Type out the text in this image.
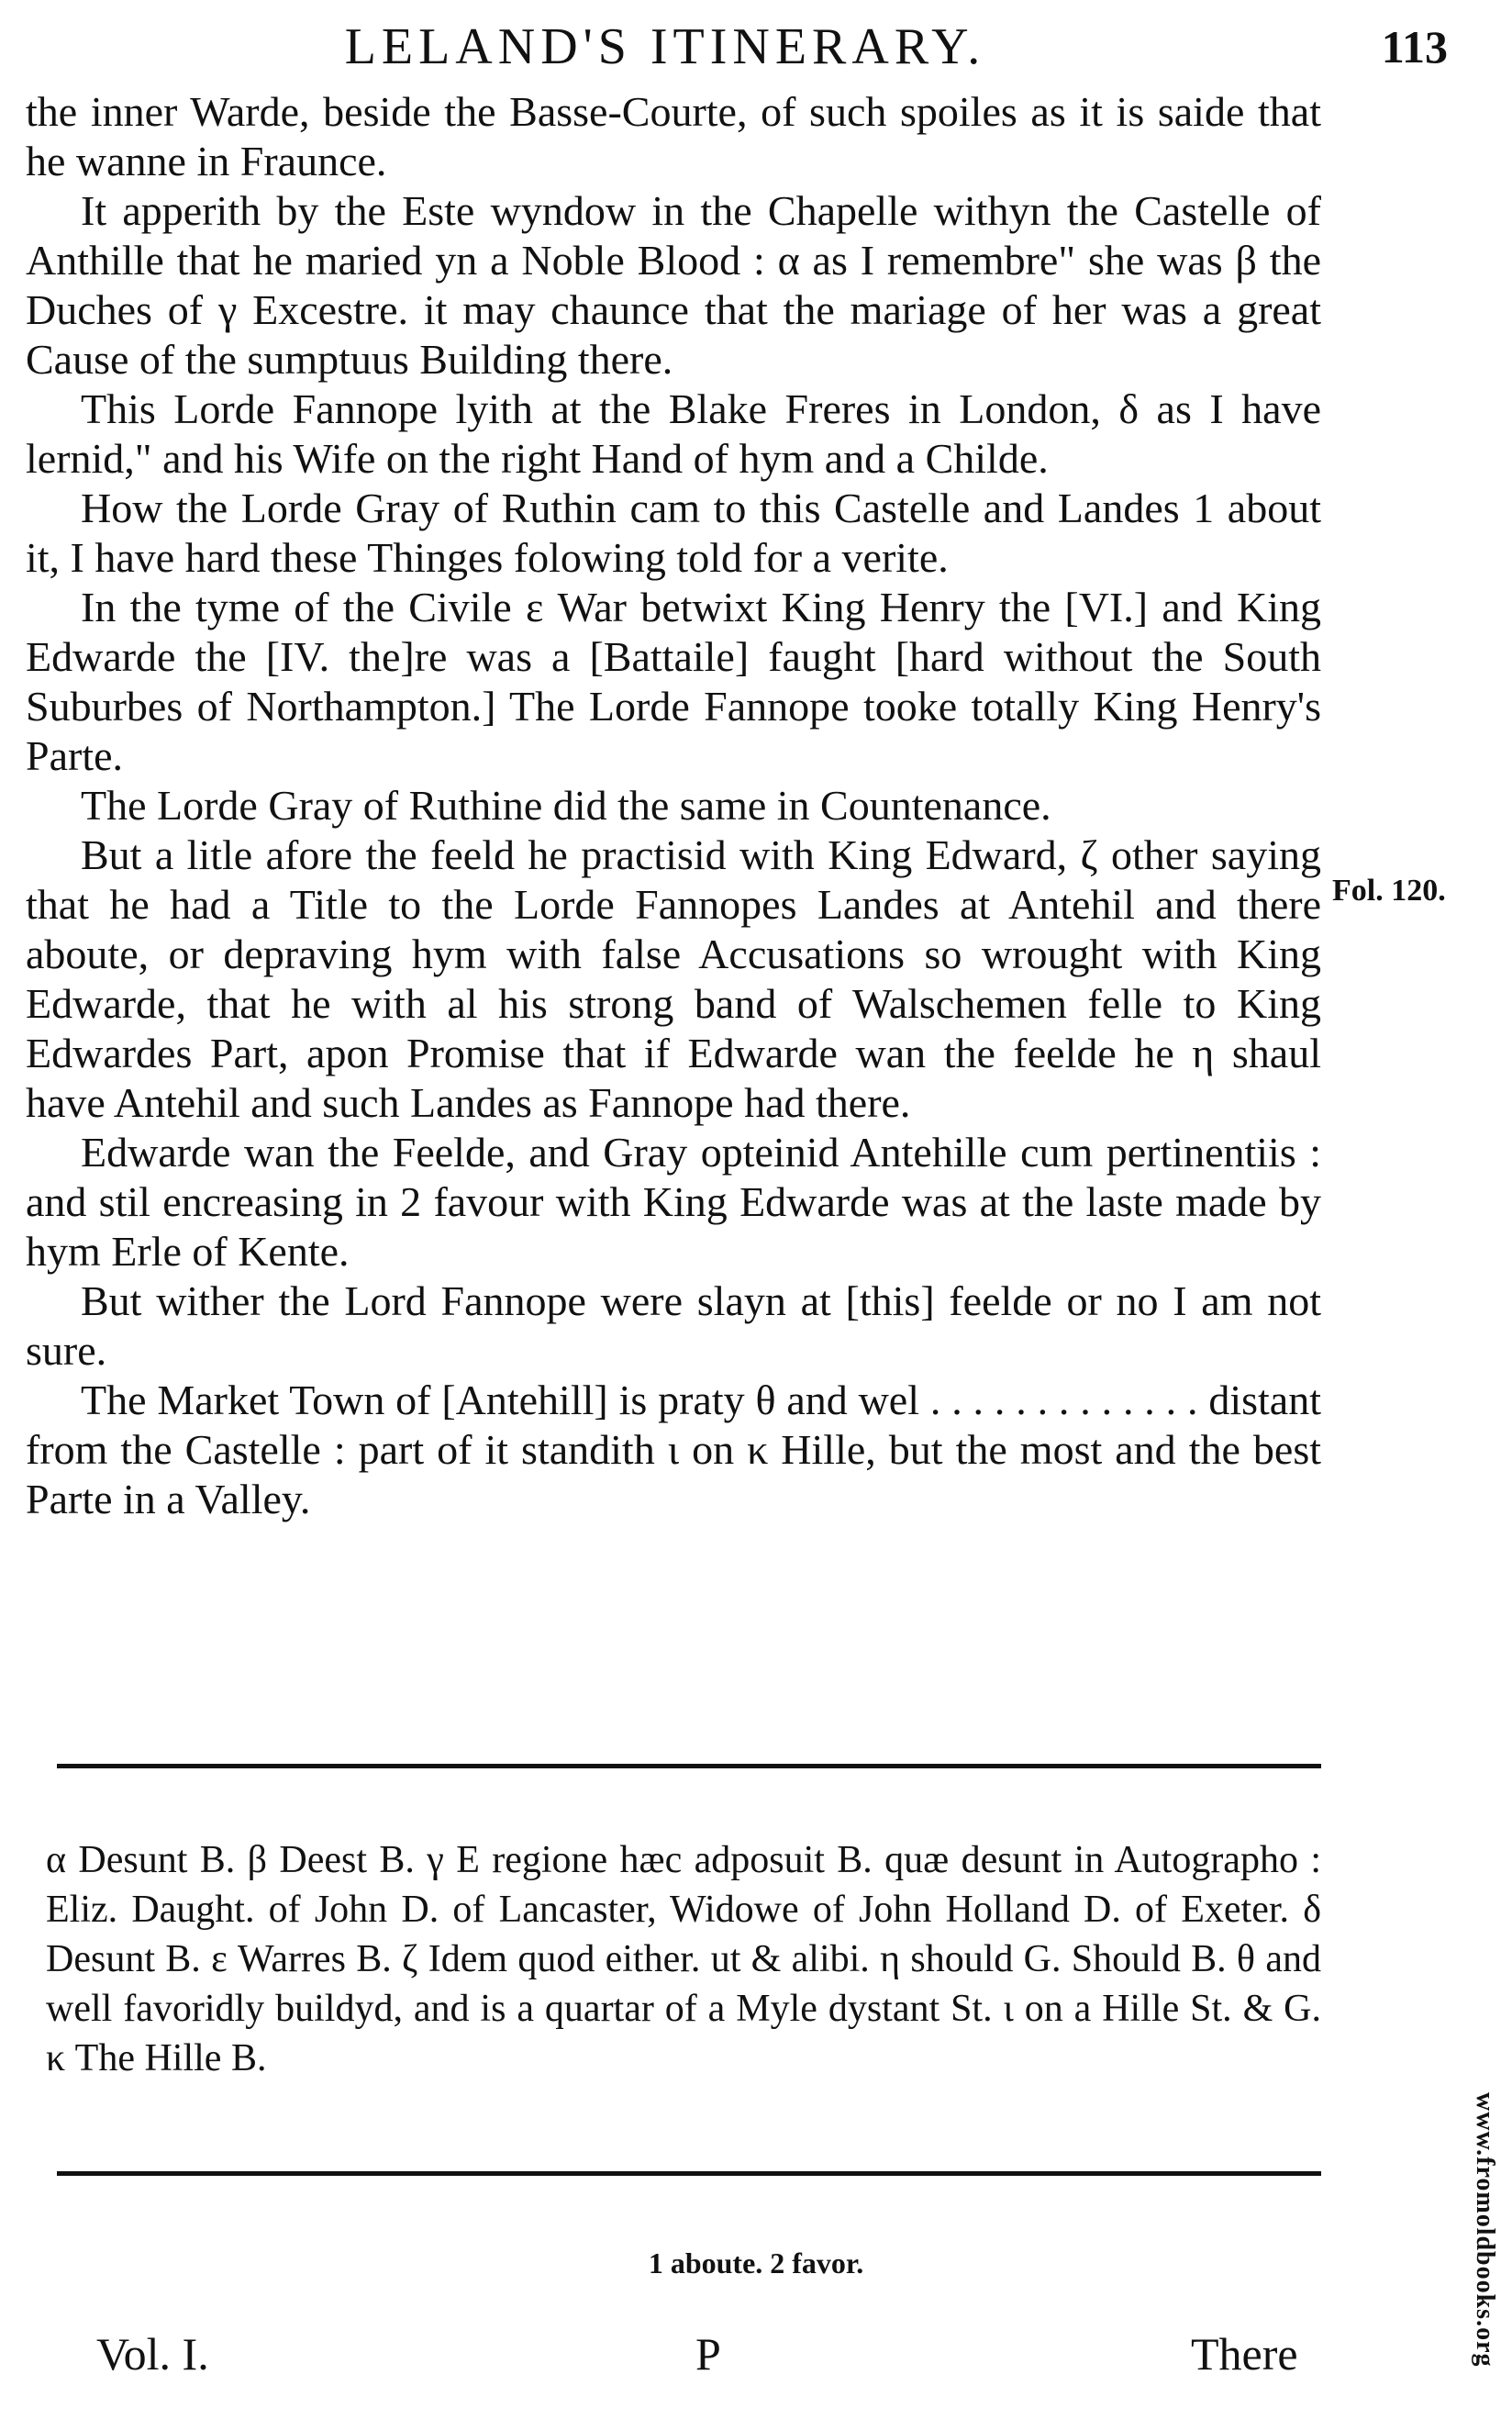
LELAND'S ITINERARY.	113

the inner Warde, beside the Basse-Courte, of such spoiles as it is saide that he wanne in Fraunce.

It apperith by the Este wyndow in the Chapelle withyn the Castelle of Anthille that he maried yn a Noble Blood : α as I remembre" she was β the Duches of γ Excestre. it may chaunce that the mariage of her was a great Cause of the sumptuus Building there.

This Lorde Fannope lyith at the Blake Freres in London, δ as I have lernid," and his Wife on the right Hand of hym and a Childe.

How the Lorde Gray of Ruthin cam to this Castelle and Landes 1 about it, I have hard these Thinges folowing told for a verite.

In the tyme of the Civile ε War betwixt King Henry the [VI.] and King Edwarde the [IV. the]re was a [Battaile] faught [hard without the South Suburbes of Northampton.] The Lorde Fannope tooke totally King Henry's Parte.

The Lorde Gray of Ruthine did the same in Countenance.

But a litle afore the feeld he practisid with King Edward, ζ other saying that he had a Title to the Lorde Fannopes Landes at Antehil and there aboute, or depraving hym with false Accusations so wrought with King Edwarde, that he with al his strong band of Walschemen felle to King Edwardes Part, apon Promise that if Edwarde wan the feelde he η shaul have Antehil and such Landes as Fannope had there.

Edwarde wan the Feelde, and Gray opteinid Antehille cum pertinentiis : and stil encreasing in 2 favour with King Edwarde was at the laste made by hym Erle of Kente.

But wither the Lord Fannope were slayn at [this] feelde or no I am not sure.

The Market Town of [Antehill] is praty θ and wel . . . . . . . . . . . . . distant from the Castelle : part of it standith ι on κ Hille, but the most and the best Parte in a Valley.

Fol. 120.

α Desunt B. β Deest B. γ E regione hæc adposuit B. quæ desunt in Autographo : Eliz. Daught. of John D. of Lancaster, Widowe of John Holland D. of Exeter. δ Desunt B. ε Warres B. ζ Idem quod either. ut & alibi. η should G. Should B. θ and well favoridly buildyd, and is a quartar of a Myle dystant St. ι on a Hille St. & G. κ The Hille B.

1 aboute. 2 favor.
Vol. I.	P	There	www.fromoldbooks.org
